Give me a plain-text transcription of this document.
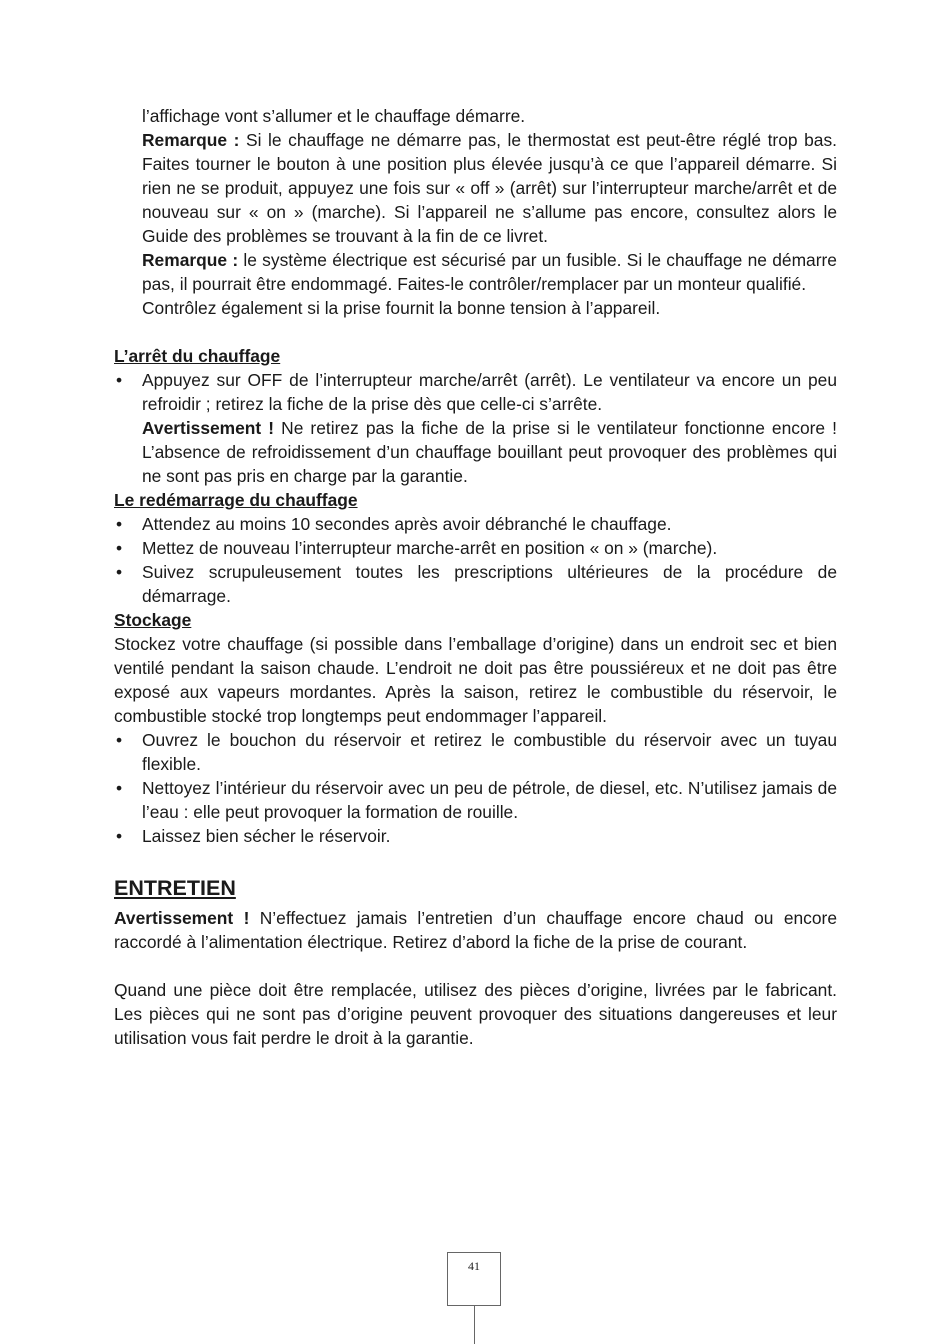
l’affichage vont s’allumer et le chauffage démarre.

Remarque : Si le chauffage ne démarre pas, le thermostat est peut-être réglé trop bas. Faites tourner le bouton à une position plus élevée jusqu’à ce que l’appareil démarre. Si rien ne se produit, appuyez une fois sur « off » (arrêt) sur l’interrupteur marche/arrêt et de nouveau sur « on » (marche). Si l’appareil ne s’allume pas encore, consultez alors le Guide des problèmes se trouvant à la fin de ce livret.

Remarque : le système électrique est sécurisé par un fusible. Si le chauffage ne démarre pas, il pourrait être endommagé. Faites-le contrôler/remplacer par un monteur qualifié.

Contrôlez également si la prise fournit la bonne tension à l’appareil.

L’arrêt du chauffage

• Appuyez sur OFF de l’interrupteur marche/arrêt (arrêt). Le ventilateur va encore un peu refroidir ; retirez la fiche de la prise dès que celle-ci s’arrête.

Avertissement ! Ne retirez pas la fiche de la prise si le ventilateur fonctionne encore ! L’absence de refroidissement d’un chauffage bouillant peut provoquer des problèmes qui ne sont pas pris en charge par la garantie.

Le redémarrage du chauffage

• Attendez au moins 10 secondes après avoir débranché le chauffage.
• Mettez de nouveau l’interrupteur marche-arrêt en position « on » (marche).
• Suivez scrupuleusement toutes les prescriptions ultérieures de la procédure de démarrage.

Stockage

Stockez votre chauffage (si possible dans l’emballage d’origine) dans un endroit sec et bien ventilé pendant la saison chaude. L’endroit ne doit pas être poussiéreux et ne doit pas être exposé aux vapeurs mordantes. Après la saison, retirez le combustible du réservoir, le combustible stocké trop longtemps peut endommager l’appareil.

• Ouvrez le bouchon du réservoir et retirez le combustible du réservoir avec un tuyau flexible.
• Nettoyez l’intérieur du réservoir avec un peu de pétrole, de diesel, etc. N’utilisez jamais de l’eau : elle peut provoquer la formation de rouille.
• Laissez bien sécher le réservoir.

ENTRETIEN

Avertissement ! N’effectuez jamais l’entretien d’un chauffage encore chaud ou encore raccordé à l’alimentation électrique. Retirez d’abord la fiche de la prise de courant.

Quand une pièce doit être remplacée, utilisez des pièces d’origine, livrées par le fabricant. Les pièces qui ne sont pas d’origine peuvent provoquer des situations dangereuses et leur utilisation vous fait perdre le droit à la garantie.

41
